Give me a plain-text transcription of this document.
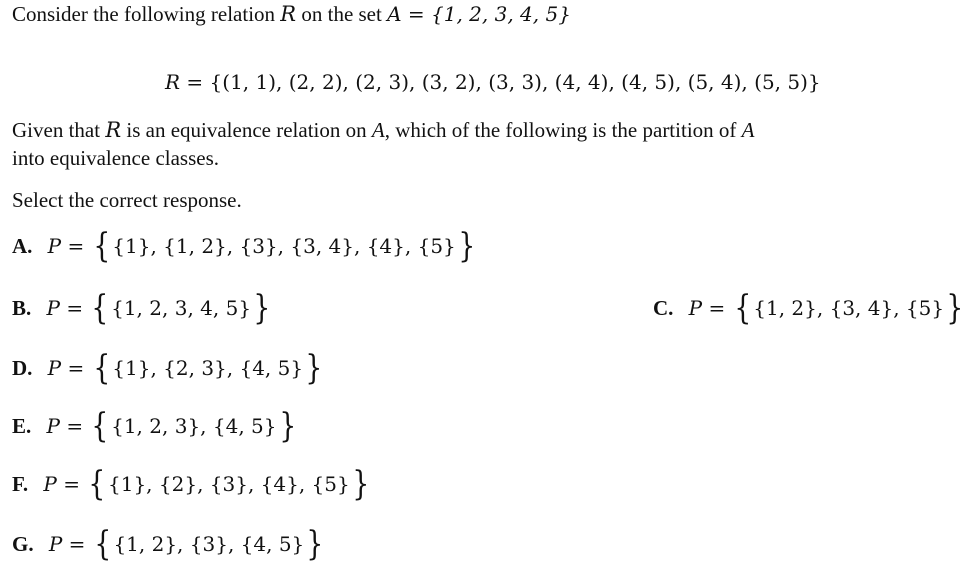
Consider the following relation R on the set A = {1, 2, 3, 4, 5}
R = {(1, 1), (2, 2), (2, 3), (3, 2), (3, 3), (4, 4), (4, 5), (5, 4), (5, 5)}
Given that R is an equivalence relation on A, which of the following is the partition of A
into equivalence classes.
Select the correct response.
A. P = { {1}, {1, 2}, {3}, {3, 4}, {4}, {5}}
B. P = { {1, 2, 3, 4, 5}}	C. P = { {1, 2}, {3, 4}, {5}}
D. P = { {1}, {2, 3}, {4, 5}}
E. P = { {1, 2, 3}, {4, 5}}
F. P = { {1}, {2}, {3}, {4}, {5}}
G. P = { {1, 2}, {3}, {4, 5}}
